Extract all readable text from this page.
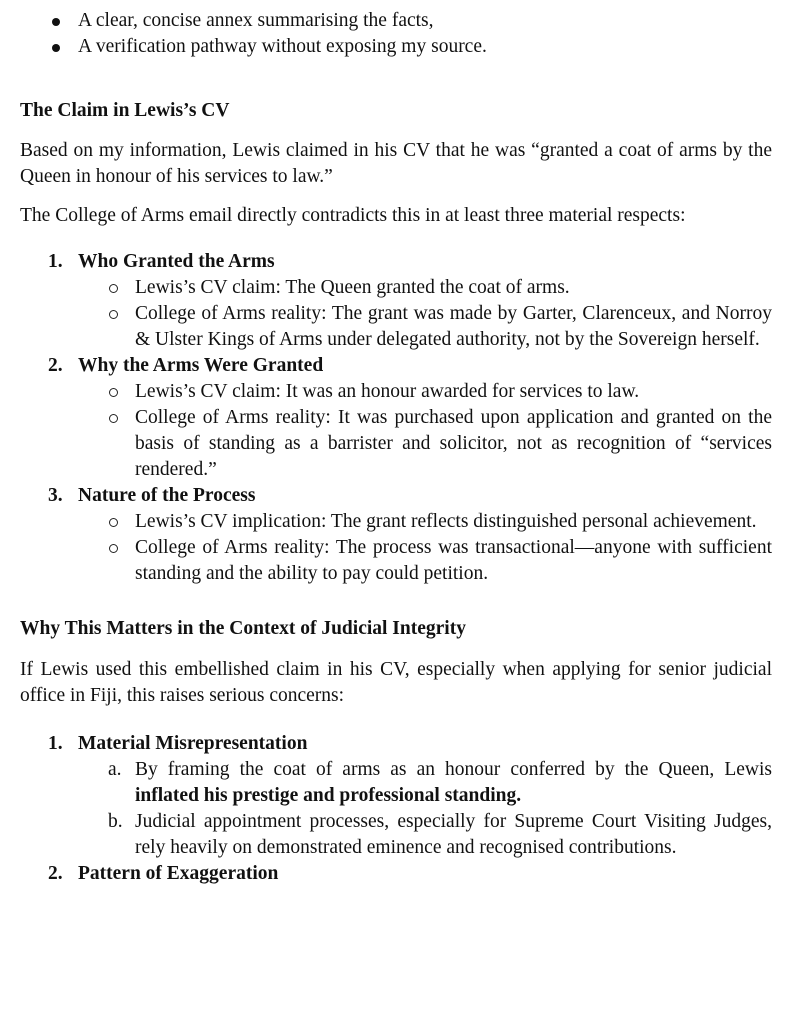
A clear, concise annex summarising the facts,
A verification pathway without exposing my source.
The Claim in Lewis’s CV

Based on my information, Lewis claimed in his CV that he was “granted a coat of arms by the Queen in honour of his services to law.”

The College of Arms email directly contradicts this in at least three material respects:

1. Who Granted the Arms
Lewis’s CV claim: The Queen granted the coat of arms.
College of Arms reality: The grant was made by Garter, Clarenceux, and Norroy & Ulster Kings of Arms under delegated authority, not by the Sovereign herself.
2. Why the Arms Were Granted
Lewis’s CV claim: It was an honour awarded for services to law.
College of Arms reality: It was purchased upon application and granted on the basis of standing as a barrister and solicitor, not as recognition of “services rendered.”
3. Nature of the Process
Lewis’s CV implication: The grant reflects distinguished personal achievement.
College of Arms reality: The process was transactional—anyone with sufficient standing and the ability to pay could petition.
Why This Matters in the Context of Judicial Integrity

If Lewis used this embellished claim in his CV, especially when applying for senior judicial office in Fiji, this raises serious concerns:

1. Material Misrepresentation
a. By framing the coat of arms as an honour conferred by the Queen, Lewis inflated his prestige and professional standing.
b. Judicial appointment processes, especially for Supreme Court Visiting Judges, rely heavily on demonstrated eminence and recognised contributions.
2. Pattern of Exaggeration
